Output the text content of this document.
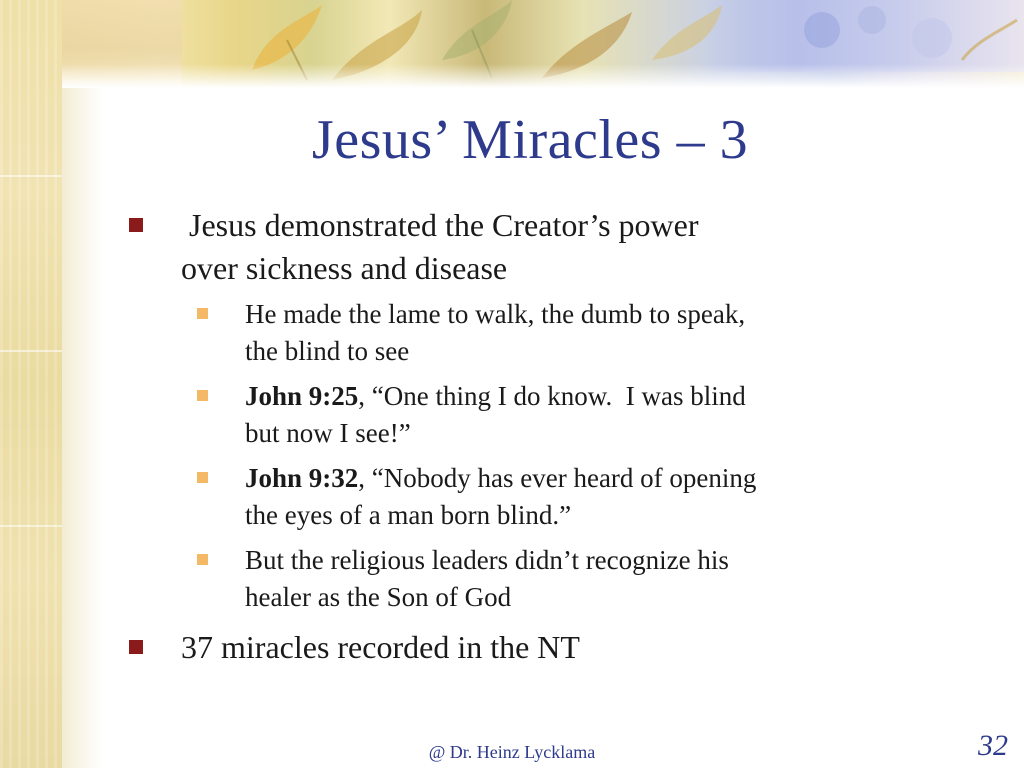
Jesus’ Miracles – 3
Jesus demonstrated the Creator’s power
over sickness and disease
He made the lame to walk, the dumb to speak,
the blind to see
John 9:25, “One thing I do know.  I was blind
but now I see!”
John 9:32, “Nobody has ever heard of opening
the eyes of a man born blind.”
But the religious leaders didn’t recognize his
healer as the Son of God
37 miracles recorded in the NT
@ Dr. Heinz Lycklama	32
